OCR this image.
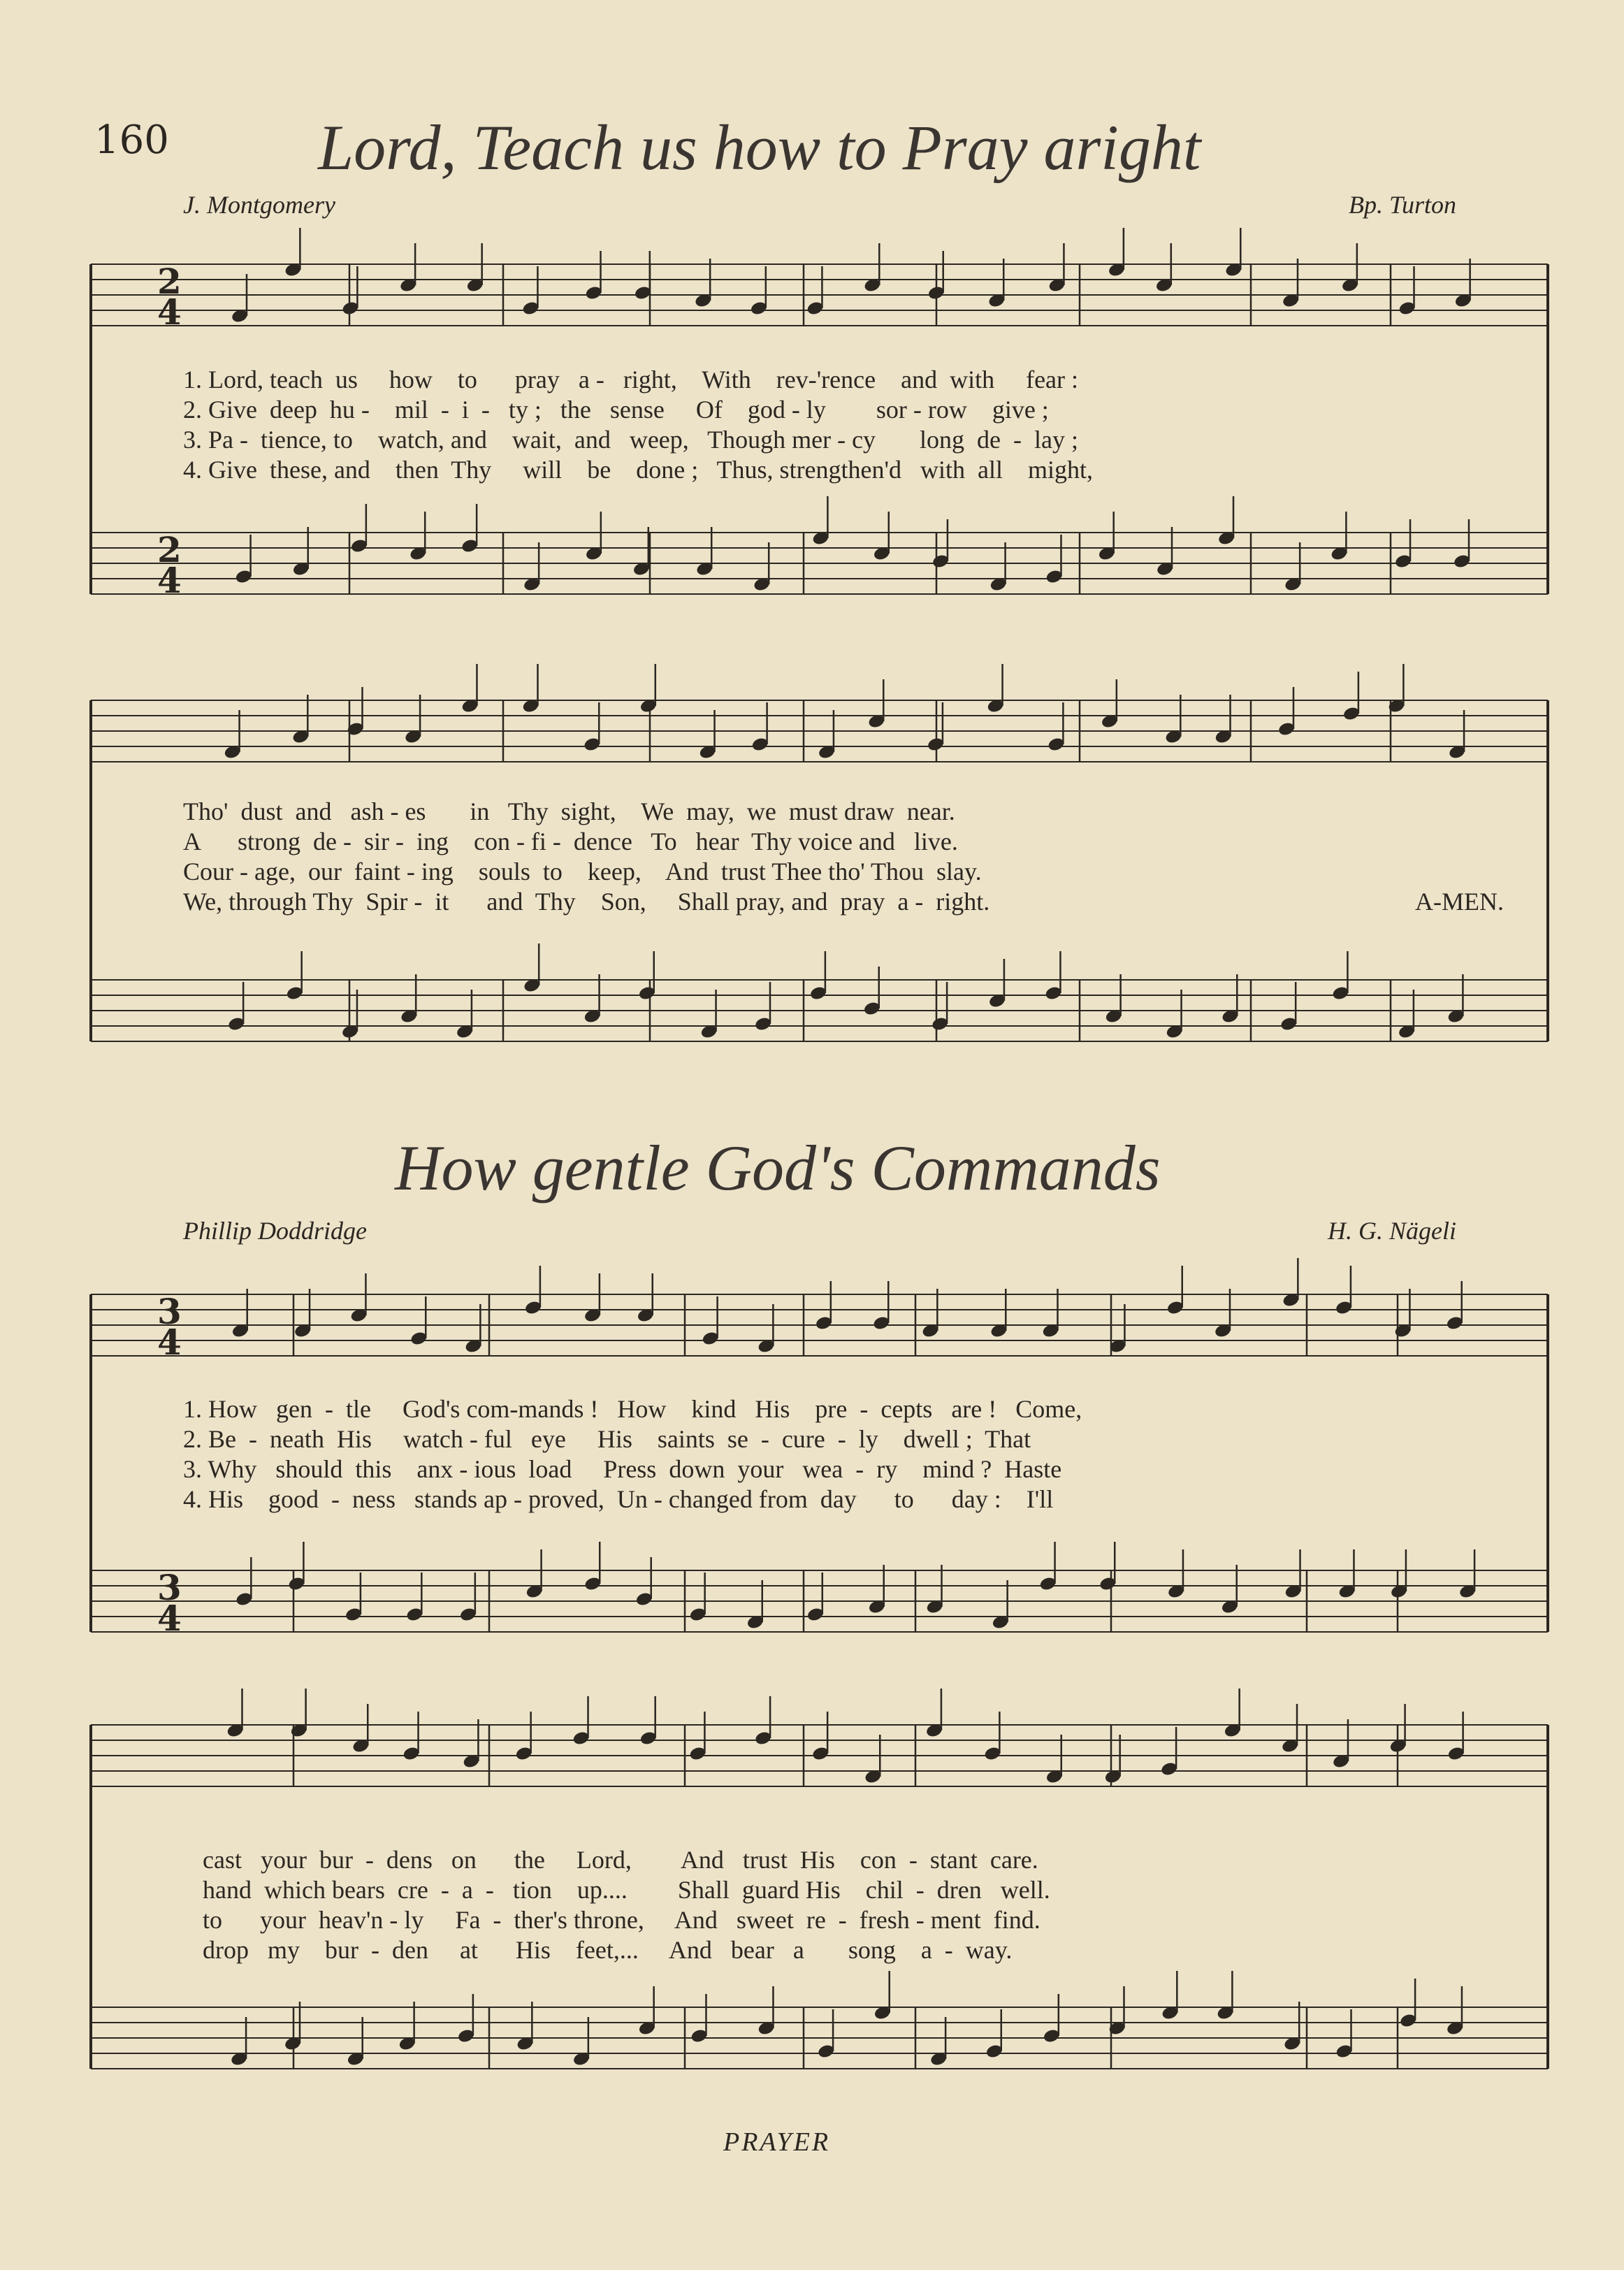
160
PRAYER
Lord, Teach us how to Pray aright
J. Montgomery	Bp. Turton
How gentle God's Commands
Phillip Doddridge	H. G. Nägeli
2
4
2
4
3
4
3
4
1. Lord, teach  us     how    to      pray   a -   right,    With    rev-'rence    and  with     fear :
2. Give  deep  hu -    mil  -  i  -   ty ;   the   sense     Of    god - ly        sor - row    give ;
3. Pa -  tience, to    watch, and    wait,  and   weep,   Though mer - cy       long  de  -  lay ;
4. Give  these, and    then  Thy     will    be    done ;   Thus, strengthen'd   with  all    might,
Tho'  dust  and   ash - es       in   Thy  sight,    We  may,  we  must draw  near.
A      strong  de -  sir -  ing    con - fi -  dence   To   hear  Thy voice and   live.
Cour - age,  our  faint - ing    souls  to    keep,    And  trust Thee tho' Thou  slay.
We, through Thy  Spir -  it      and  Thy    Son,     Shall pray, and  pray  a -  right.	A-MEN.
1. How   gen  -  tle     God's com-mands !   How    kind   His    pre  -  cepts   are !   Come,
2. Be  -  neath  His     watch - ful   eye     His    saints  se  -  cure  -  ly    dwell ;  That
3. Why   should  this    anx - ious  load     Press  down  your   wea  -  ry    mind ?  Haste
4. His    good  -  ness   stands ap - proved,  Un - changed from  day      to      day :    I'll
cast   your  bur  -  dens   on      the     Lord,        And   trust  His    con  -  stant  care.
hand  which bears  cre  -  a  -   tion    up....        Shall  guard His    chil  -  dren   well.
to      your  heav'n - ly     Fa  -  ther's throne,     And   sweet  re  -  fresh - ment  find.
drop   my    bur  -  den     at      His    feet,...     And   bear   a       song    a  -  way.
